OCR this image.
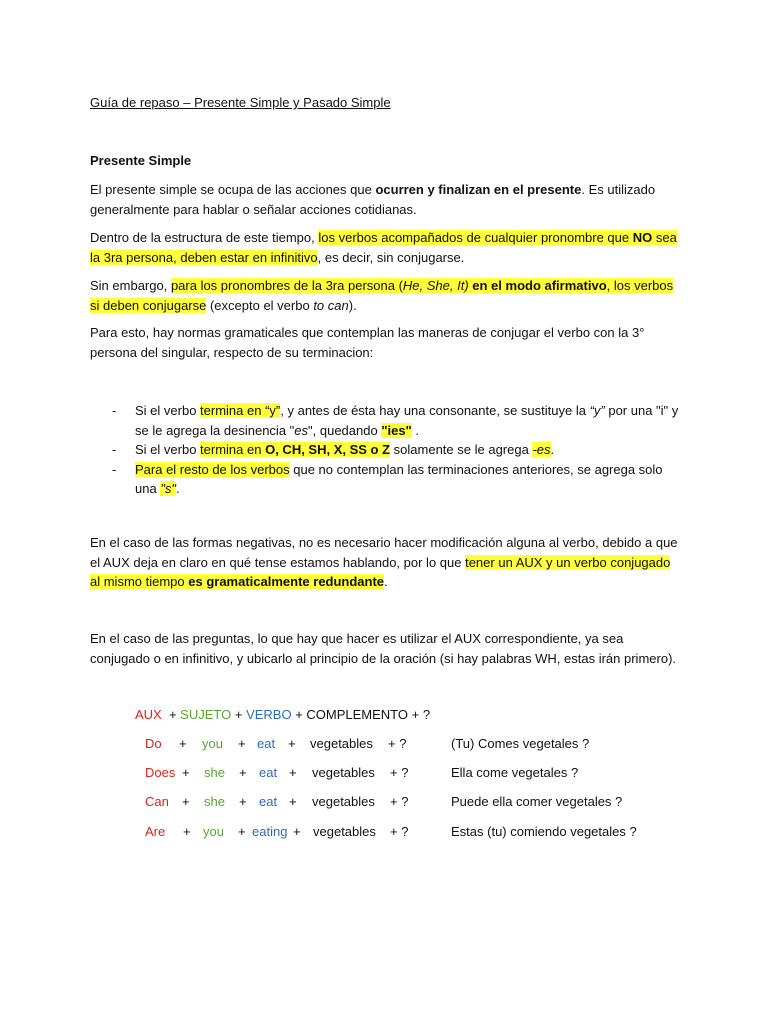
Guía de repaso – Presente Simple y Pasado Simple

Presente Simple

El presente simple se ocupa de las acciones que ocurren y finalizan en el presente. Es utilizado generalmente para hablar o señalar acciones cotidianas.

Dentro de la estructura de este tiempo, los verbos acompañados de cualquier pronombre que NO sea la 3ra persona, deben estar en infinitivo, es decir, sin conjugarse.

Sin embargo, para los pronombres de la 3ra persona (He, She, It) en el modo afirmativo, los verbos si deben conjugarse (excepto el verbo to can).

Para esto, hay normas gramaticales que contemplan las maneras de conjugar el verbo con la 3° persona del singular, respecto de su terminacion:

- Si el verbo termina en “y”, y antes de ésta hay una consonante, se sustituye la “y” por una "i" y se le agrega la desinencia "es", quedando "ies" .
- Si el verbo termina en O, CH, SH, X, SS o Z solamente se le agrega -es.
- Para el resto de los verbos que no contemplan las terminaciones anteriores, se agrega solo una "s".

En el caso de las formas negativas, no es necesario hacer modificación alguna al verbo, debido a que el AUX deja en claro en qué tense estamos hablando, por lo que tener un AUX y un verbo conjugado al mismo tiempo es gramaticalmente redundante.

En el caso de las preguntas, lo que hay que hacer es utilizar el AUX correspondiente, ya sea conjugado o en infinitivo, y ubicarlo al principio de la oración (si hay palabras WH, estas irán primero).

AUX  + SUJETO + VERBO + COMPLEMENTO + ?
Do + you + eat + vegetables + ?	(Tu) Comes vegetales ?
Does + she + eat + vegetables + ?	Ella come vegetales ?
Can + she + eat + vegetables + ?	Puede ella comer vegetales ?
Are + you + eating + vegetables + ?	Estas (tu) comiendo vegetales ?
